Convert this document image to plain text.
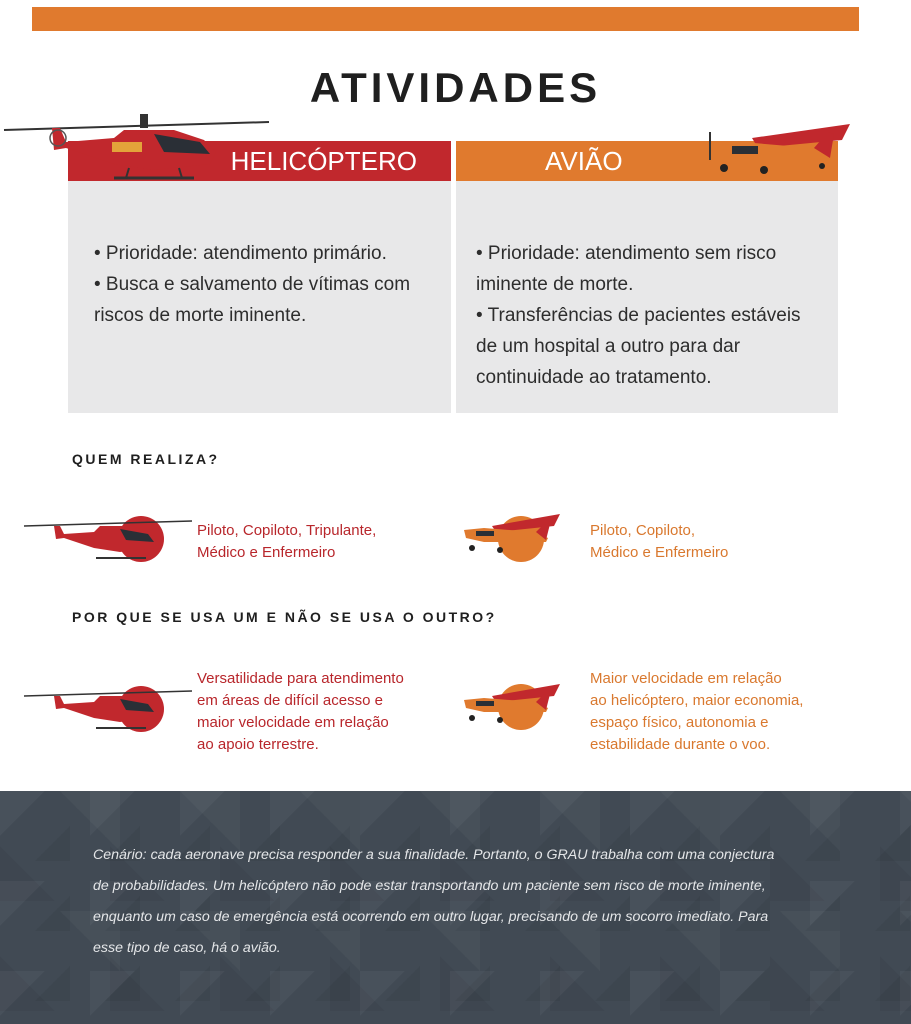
ATIVIDADES
HELICÓPTERO	AVIÃO

• Prioridade: atendimento primário.

• Busca e salvamento de vítimas com

riscos de morte iminente.

• Prioridade: atendimento sem risco

iminente de morte.

• Transferências de pacientes estáveis

de um hospital a outro para dar

continuidade ao tratamento.

QUEM REALIZA?

Piloto, Copiloto, Tripulante,

Médico e Enfermeiro

Piloto, Copiloto,

Médico e Enfermeiro

POR QUE SE USA UM E NÃO SE USA O OUTRO?

Versatilidade para atendimento

em áreas de difícil acesso e

maior velocidade em relação

ao apoio terrestre.

Maior velocidade em relação

ao helicóptero, maior economia,

espaço físico, autonomia e

estabilidade durante o voo.

Cenário: cada aeronave precisa responder a sua finalidade. Portanto, o GRAU trabalha com uma conjectura

de probabilidades. Um helicóptero não pode estar transportando um paciente sem risco de morte iminente,

enquanto um caso de emergência está ocorrendo em outro lugar, precisando de um socorro imediato. Para

esse tipo de caso, há o avião.
